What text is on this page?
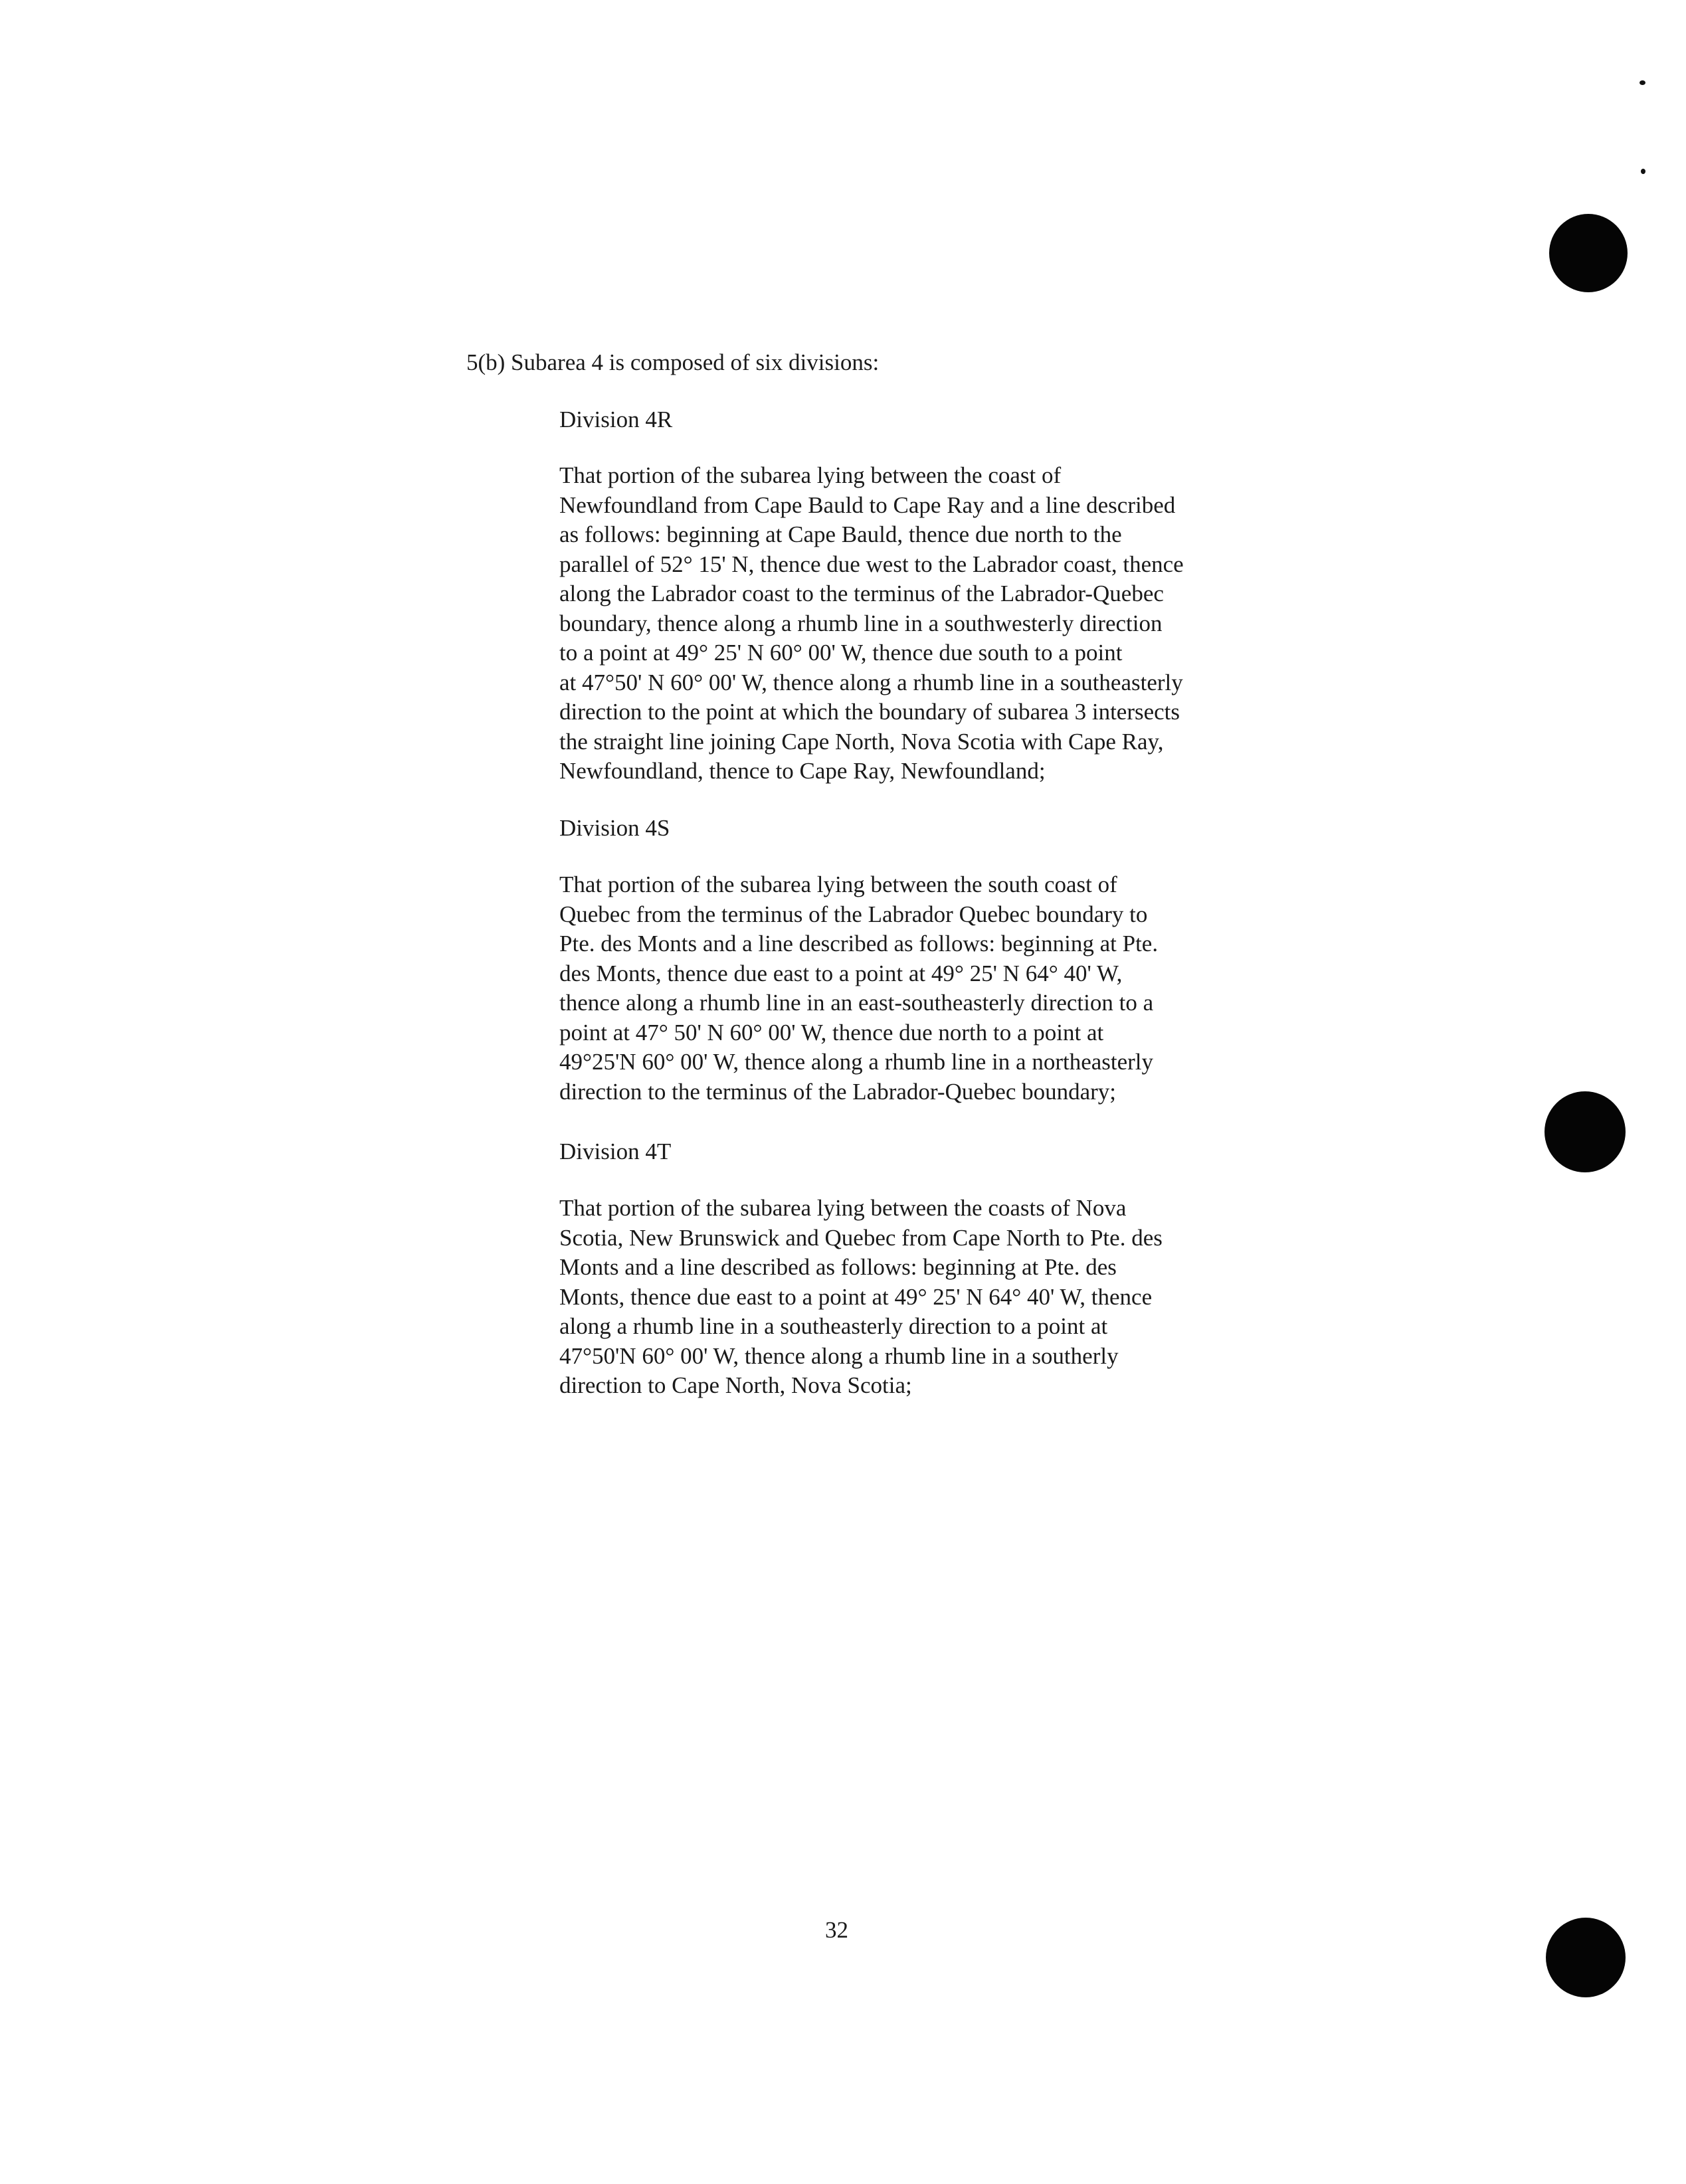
5(b) Subarea 4 is composed of six divisions:
Division 4R
That portion of the subarea lying between the coast of
Newfoundland from Cape Bauld to Cape Ray and a line described
as follows: beginning at Cape Bauld, thence due north to the
parallel of 52° 15' N, thence due west to the Labrador coast, thence
along the Labrador coast to the terminus of the Labrador-Quebec
boundary, thence along a rhumb line in a southwesterly direction
to a point at 49° 25' N 60° 00' W, thence due south to a point
at 47°50' N 60° 00' W, thence along a rhumb line in a southeasterly
direction to the point at which the boundary of subarea 3 intersects
the straight line joining Cape North, Nova Scotia with Cape Ray,
Newfoundland, thence to Cape Ray, Newfoundland;
Division 4S
That portion of the subarea lying between the south coast of
Quebec from the terminus of the Labrador Quebec boundary to
Pte. des Monts and a line described as follows: beginning at Pte.
des Monts, thence due east to a point at 49° 25' N 64° 40' W,
thence along a rhumb line in an east-southeasterly direction to a
point at 47° 50' N 60° 00' W, thence due north to a point at
49°25'N 60° 00' W, thence along a rhumb line in a northeasterly
direction to the terminus of the Labrador-Quebec boundary;
Division 4T
That portion of the subarea lying between the coasts of Nova
Scotia, New Brunswick and Quebec from Cape North to Pte. des
Monts and a line described as follows: beginning at Pte. des
Monts, thence due east to a point at 49° 25' N 64° 40' W, thence
along a rhumb line in a southeasterly direction to a point at
47°50'N 60° 00' W, thence along a rhumb line in a southerly
direction to Cape North, Nova Scotia;
32
